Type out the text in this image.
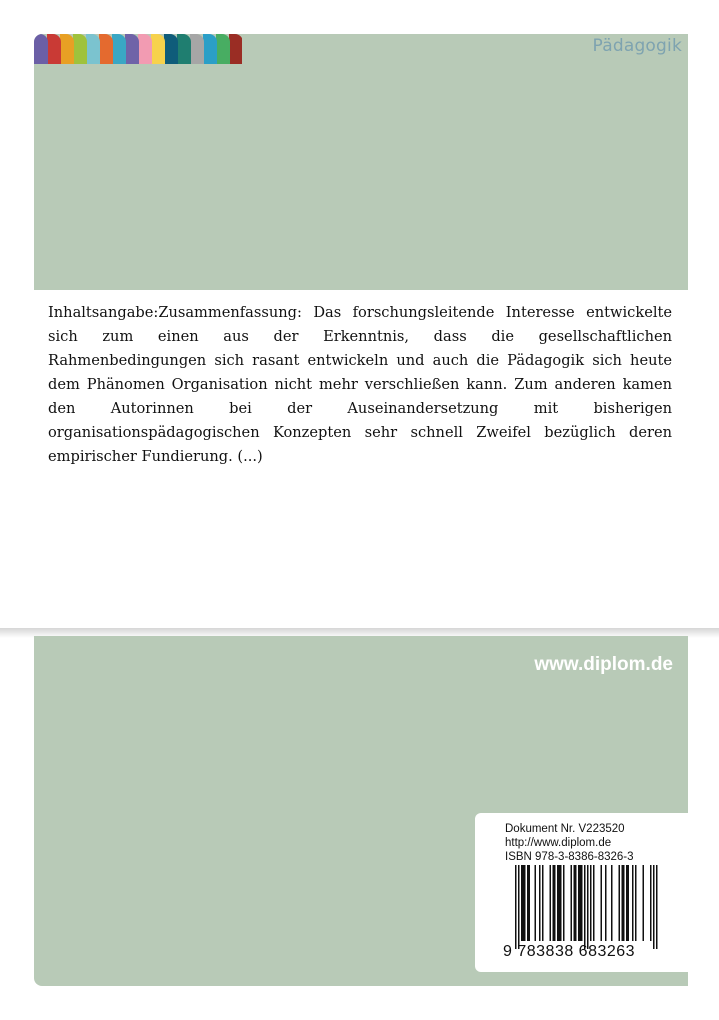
Pädagogik

Inhaltsangabe:Zusammenfassung: Das forschungsleitende Interesse entwickelte sich zum einen aus der Erkenntnis, dass die gesellschaftlichen Rahmenbedingungen sich rasant entwickeln und auch die Pädagogik sich heute dem Phänomen Organisation nicht mehr verschließen kann. Zum anderen kamen den Autorinnen bei der Auseinandersetzung mit bisherigen organisationspädagogischen Konzepten sehr schnell Zweifel bezüglich deren empirischer Fundierung. (...)

www.diplom.de
Dokument Nr. V223520
http://www.diplom.de
ISBN 978-3-8386-8326-3
9 783838 683263
